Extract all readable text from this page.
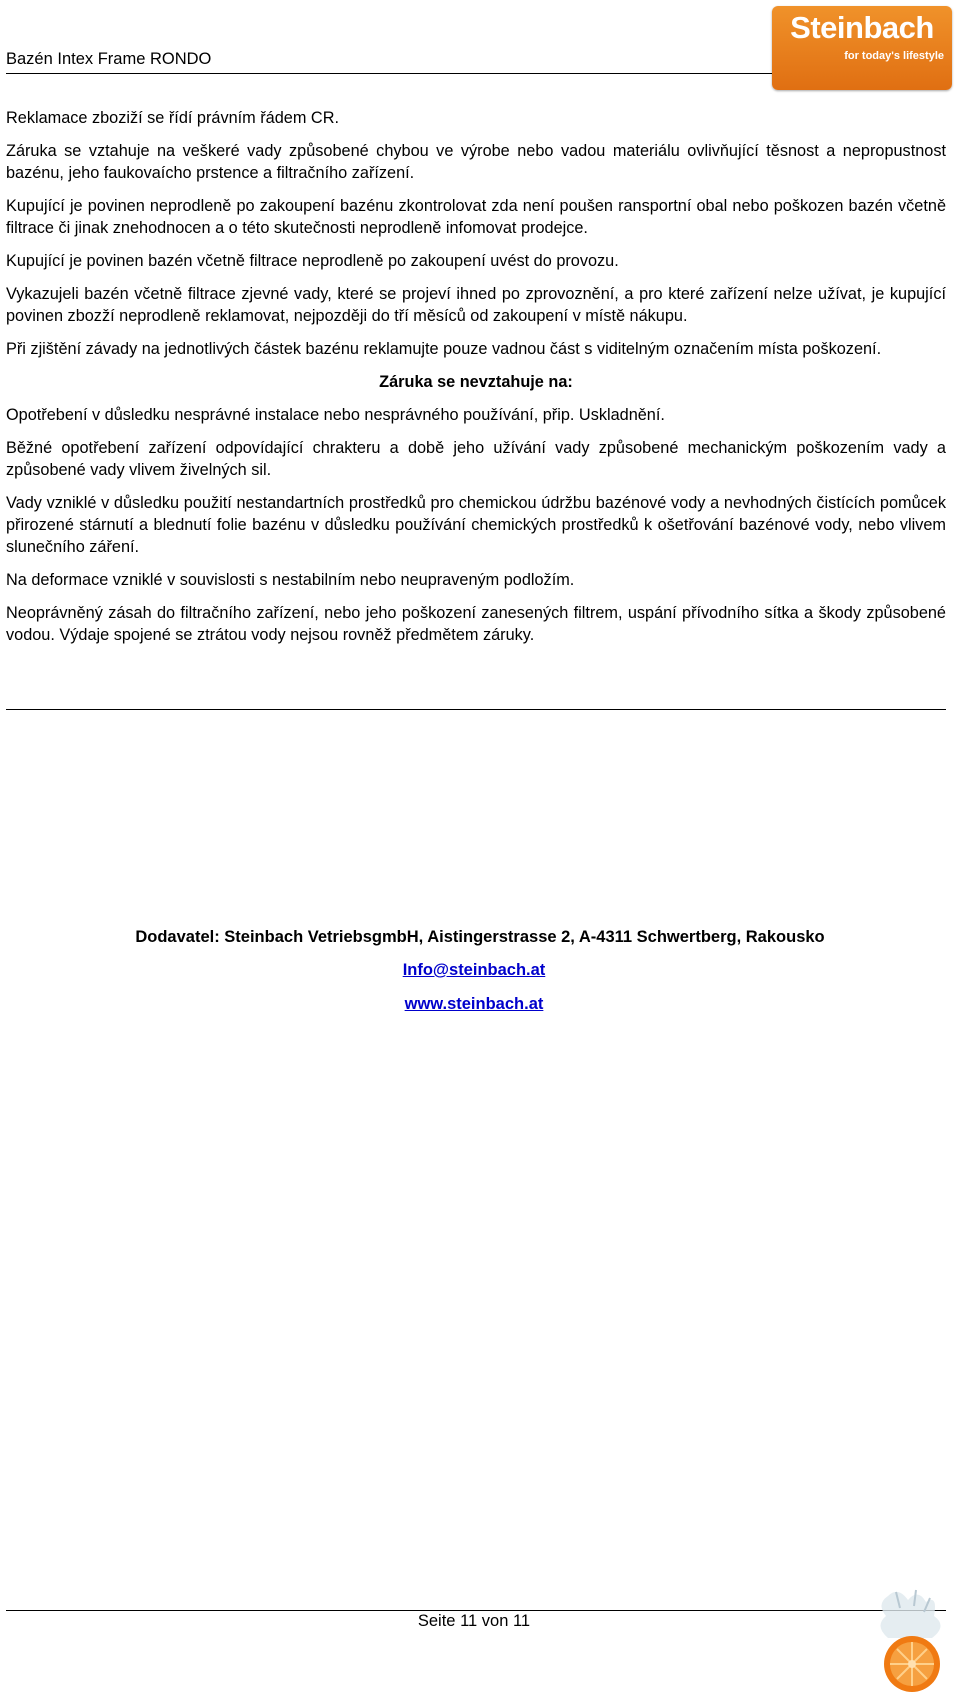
Bazén Intex Frame RONDO
Steinbach
for today's lifestyle

Reklamace zboziží se řídí právním řádem CR.

Záruka se vztahuje na veškeré vady způsobené chybou ve výrobe nebo vadou materiálu ovlivňující těsnost a nepropustnost bazénu, jeho faukovaícho prstence a filtračního zařízení.

Kupující je povinen neprodleně po zakoupení bazénu zkontrolovat zda není poušen ransportní obal nebo poškozen bazén včetně filtrace či jinak znehodnocen a o této skutečnosti neprodleně infomovat prodejce.

Kupující je povinen bazén včetně filtrace neprodleně po zakoupení uvést do provozu.

Vykazujeli bazén včetně filtrace zjevné vady, které se projeví ihned po zprovoznění, a pro které zařízení nelze užívat, je kupující povinen zbozží neprodleně reklamovat, nejpozději do tří měsíců od zakoupení v místě nákupu.

Při zjištění závady na jednotlivých částek bazénu reklamujte pouze vadnou část s viditelným označením místa poškození.

Záruka se nevztahuje na:

Opotřebení v důsledku nesprávné instalace nebo nesprávného používání, přip. Uskladnění.

Běžné opotřebení zařízení odpovídající chrakteru a době jeho užívání vady způsobené mechanickým poškozením vady a způsobené vady vlivem živelných sil.

Vady vzniklé v důsledku použití nestandartních prostředků pro chemickou údržbu bazénové vody a nevhodných čistících pomůcek přirozené stárnutí a blednutí folie bazénu v důsledku používání chemických prostředků k ošetřování bazénové vody, nebo vlivem slunečního záření.

Na deformace vzniklé v souvislosti s nestabilním nebo neupraveným podložím.

Neoprávněný zásah do filtračního zařízení, nebo jeho poškození zanesených filtrem, uspání přívodního sítka a škody způsobené vodou. Výdaje spojené se ztrátou vody nejsou rovněž předmětem záruky.

Dodavatel: Steinbach VetriebsgmbH, Aistingerstrasse 2, A-4311 Schwertberg, Rakousko
Info@steinbach.at
www.steinbach.at
Seite 11 von 11
